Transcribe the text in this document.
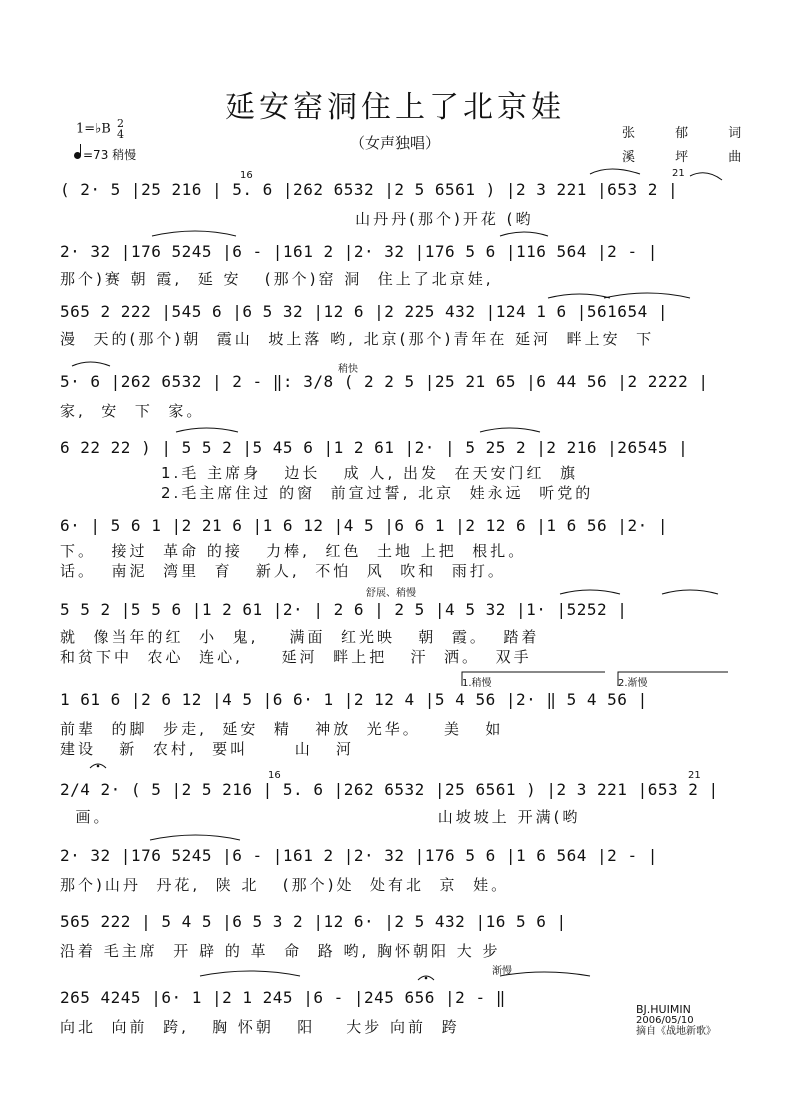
延安窑洞住上了北京娃
（女声独唱）
1=♭B 2
4
=73 稍慢
张 郁 词
溪 坪 曲
( 2· 5 |25 216 | 5. 6 |262 6532 |2 5 6561 ) |2 3 221 |653 2 |
山丹丹(那个)开花 (哟
2· 32 |176 5245 |6 - |161 2 |2· 32 |176 5 6 |116 564 |2 - |
那个)赛 朝 霞,  延 安   (那个)窑 洞  住上了北京娃,
565 2 222 |545 6 |6 5 32 |12 6 |2 225 432 |124 1 6 |561654 |
漫  天的(那个)朝  霞山  坡上落 哟, 北京(那个)青年在 延河  畔上安  下
5· 6 |262 6532 | 2 - ‖: 3/8 ( 2 2 5 |25 21 65 |6 44 56 |2 2222 |
家,  安  下  家。
6 22 22 ) | 5 5 2 |5 45 6 |1 2 61 |2· | 5 25 2 |2 216 |26545 |
1.毛 主席身   边长   成 人, 出发  在天安门红  旗
2.毛主席住过 的窗  前宣过誓, 北京  娃永远  听党的
6· | 5 6 1 |2 21 6 |1 6 12 |4 5 |6 6 1 |2 12 6 |1 6 56 |2· |
下。  接过  革命 的接   力棒,  红色  土地 上把  根扎。
话。  南泥  湾里  育   新人,  不怕  风  吹和  雨打。
5 5 2 |5 5 6 |1 2 61 |2· | 2 6 | 2 5 |4 5 32 |1· |5252 |
就  像当年的红  小  鬼,    满面  红光映   朝  霞。  踏着
和贫下中  农心  连心,     延河  畔上把   汗  洒。  双手
1 61 6 |2 6 12 |4 5 |6 6· 1 |2 12 4 |5 4 56 |2· ‖ 5 4 56 |
前辈  的脚  步走,  延安  精   神放  光华。   美   如
建设   新  农村,  要叫      山   河
2/4 2· ( 5 |2 5 216 | 5. 6 |262 6532 |25 6561 ) |2 3 221 |653 2 |
画。                                          山坡坡上 开满(哟
2· 32 |176 5245 |6 - |161 2 |2· 32 |176 5 6 |1 6 564 |2 - |
那个)山丹  丹花,  陕 北   (那个)处  处有北  京  娃。
565 222 | 5 4 5 |6 5 3 2 |12 6· |2 5 432 |16 5 6 |
沿着 毛主席  开 辟 的 革  命  路 哟, 胸怀朝阳 大 步
265 4245 |6· 1 |2 1 245 |6 - |245 656 |2 - ‖
向北  向前  跨,   胸 怀朝   阳    大步 向前  跨
稍快
舒展、稍慢
1.稍慢	2.渐慢
渐慢
16	21
16	21
BJ.HUIMIN
2006/05/10
摘自《战地新歌》
